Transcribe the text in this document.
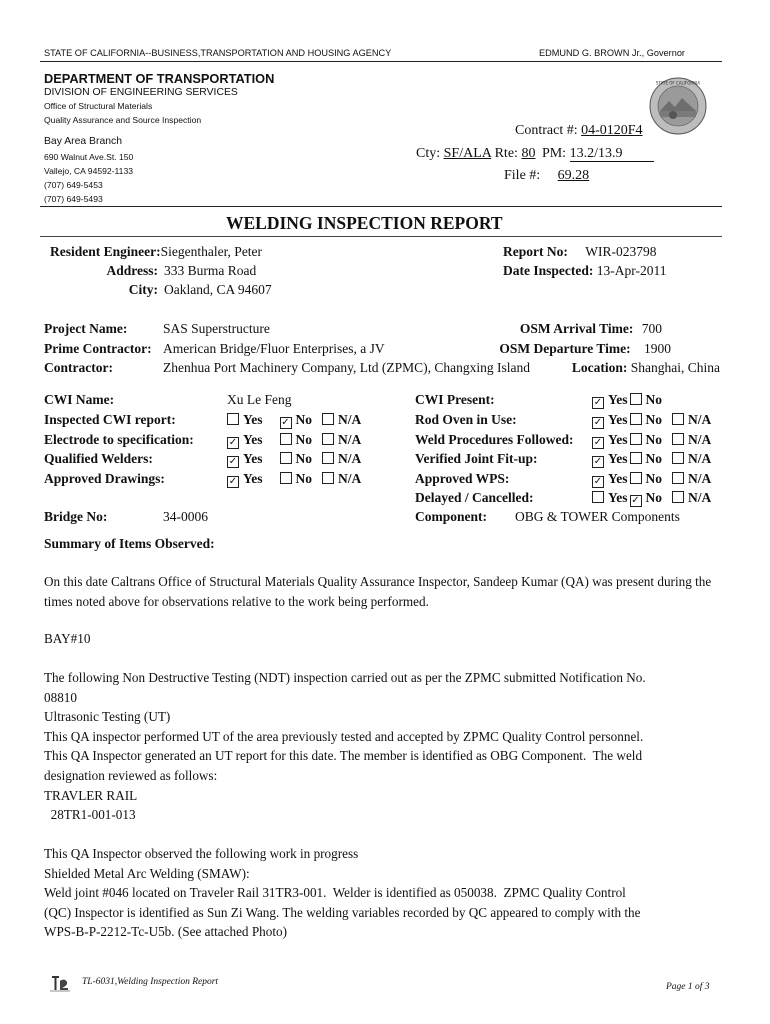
STATE OF CALIFORNIA--BUSINESS,TRANSPORTATION AND HOUSING AGENCY	EDMUND G. BROWN Jr., Governor
DEPARTMENT OF TRANSPORTATION
DIVISION OF ENGINEERING SERVICES
Office of Structural Materials
Quality Assurance and Source Inspection
Bay Area Branch
690 Walnut Ave.St. 150
Vallejo, CA 94592-1133
(707) 649-5453
(707) 649-5493
STATE OF CALIFORNIA
Contract #: 04-0120F4
Cty: SF/ALA Rte: 80 PM: 13.2/13.9
File #: 69.28
WELDING INSPECTION REPORT
Resident Engineer:Siegenthaler, Peter
Address: 333 Burma Road
City: Oakland, CA 94607
Report No: WIR-023798
Date Inspected: 13-Apr-2011
Project Name:	SAS Superstructure
Prime Contractor: American Bridge/Fluor Enterprises, a JV
Contractor:	Zhenhua Port Machinery Company, Ltd (ZPMC), Changxing Island
OSM Arrival Time: 700
OSM Departure Time: 1900
Location: Shanghai, China
CWI Name:	Xu Le Feng
Inspected CWI report:	Yes ✓ No N/A
Electrode to specification:	✓ Yes No N/A
Qualified Welders:	✓ Yes No N/A
Approved Drawings:	✓ Yes No N/A
CWI Present:	✓ Yes No
Rod Oven in Use:	✓ Yes No N/A
Weld Procedures Followed: ✓ Yes No N/A
Verified Joint Fit-up:	✓ Yes No N/A
Approved WPS:	✓ Yes No N/A
Delayed / Cancelled:	Yes ✓ No N/A
Bridge No:	34-0006	Component: OBG & TOWER Components
Summary of Items Observed:
On this date Caltrans Office of Structural Materials Quality Assurance Inspector, Sandeep Kumar (QA) was present during the times noted above for observations relative to the work being performed.
BAY#10
The following Non Destructive Testing (NDT) inspection carried out as per the ZPMC submitted Notification No.
08810
Ultrasonic Testing (UT)
This QA inspector performed UT of the area previously tested and accepted by ZPMC Quality Control personnel.
This QA Inspector generated an UT report for this date. The member is identified as OBG Component.  The weld
designation reviewed as follows:
TRAVLER RAIL
28TR1-001-013
This QA Inspector observed the following work in progress
Shielded Metal Arc Welding (SMAW):
Weld joint #046 located on Traveler Rail 31TR3-001.  Welder is identified as 050038.  ZPMC Quality Control
(QC) Inspector is identified as Sun Zi Wang. The welding variables recorded by QC appeared to comply with the
WPS-B-P-2212-Tc-U5b. (See attached Photo)
TL-6031,Welding Inspection Report	Page 1 of 3
